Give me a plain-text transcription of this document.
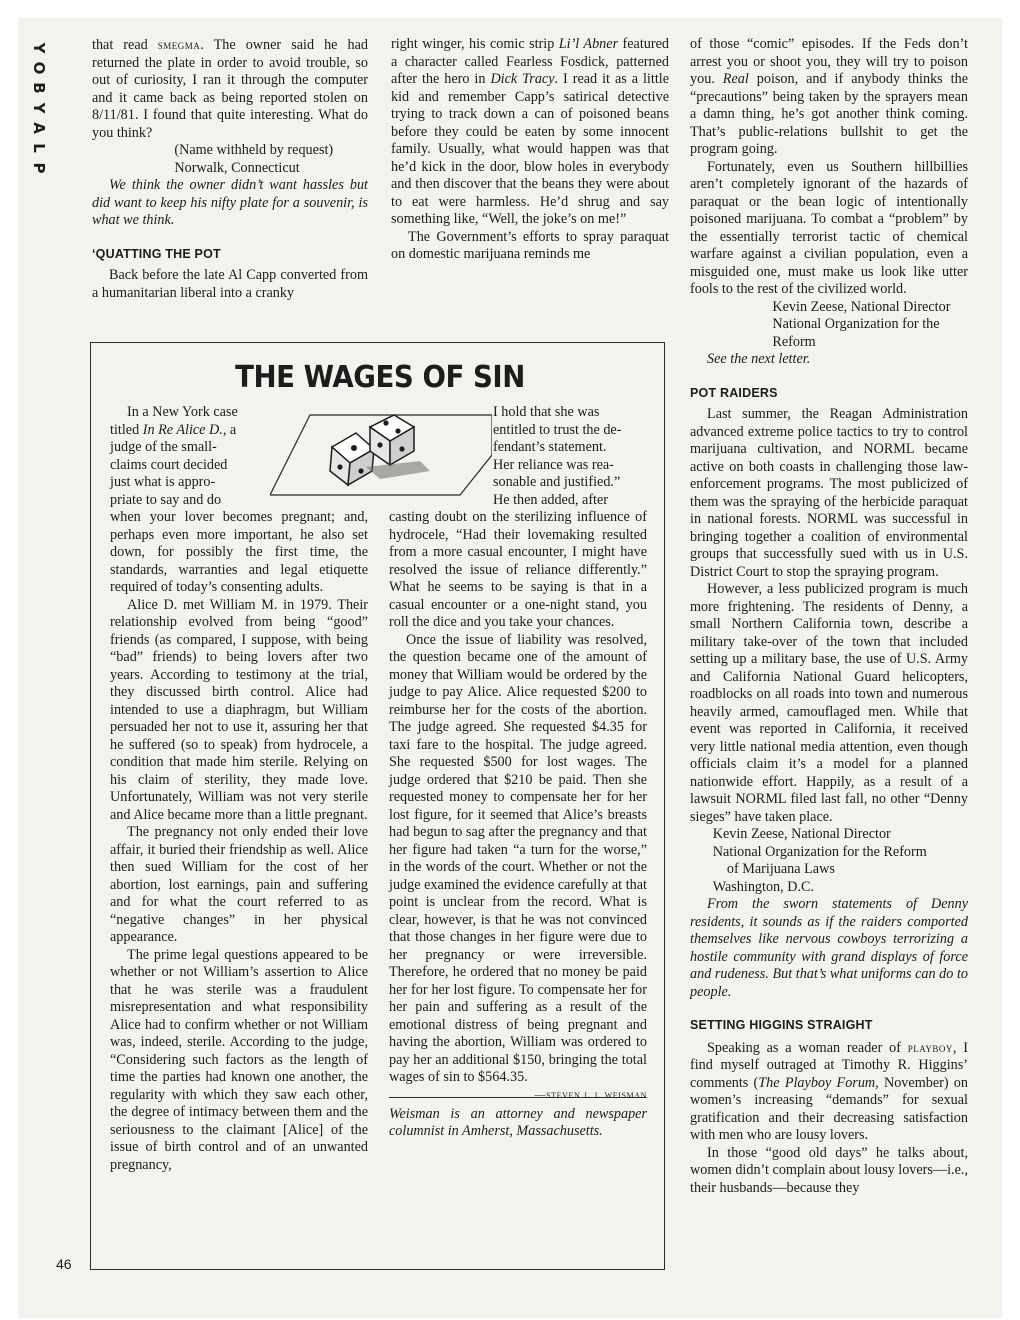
Y
O
B
Y
A
L
P
46

that read smegma. The owner said he had returned the plate in order to avoid trouble, so out of curiosity, I ran it through the computer and it came back as being reported stolen on 8/11/81. I found that quite interesting. What do you think?

(Name withheld by request)

Norwalk, Connecticut

We think the owner didn’t want hassles but did want to keep his nifty plate for a souvenir, is what we think.

‘QUATTING THE POT

Back before the late Al Capp converted from a humanitarian liberal into a cranky

right winger, his comic strip Li’l Abner featured a character called Fearless Fosdick, patterned after the hero in Dick Tracy. I read it as a little kid and remember Capp’s satirical detective trying to track down a can of poisoned beans before they could be eaten by some innocent family. Usually, what would happen was that he’d kick in the door, blow holes in everybody and then discover that the beans they were about to eat were harmless. He’d shrug and say something like, “Well, the joke’s on me!”

The Government’s efforts to spray paraquat on domestic marijuana reminds me

of those “comic” episodes. If the Feds don’t arrest you or shoot you, they will try to poison you. Real poison, and if anybody thinks the “precautions” being taken by the sprayers mean a damn thing, he’s got another think coming. That’s public-relations bullshit to get the program going.

Fortunately, even us Southern hillbillies aren’t completely ignorant of the hazards of paraquat or the bean logic of intentionally poisoned marijuana. To combat a “problem” by the essentially terrorist tactic of chemical warfare against a civilian population, even a misguided one, must make us look like utter fools to the rest of the civilized world.

Kevin Zeese, National Director

National Organization for the Reform

See the next letter.

POT RAIDERS

Last summer, the Reagan Administration advanced extreme police tactics to try to control marijuana cultivation, and NORML became active on both coasts in challenging those law-enforcement programs. The most publicized of them was the spraying of the herbicide paraquat in national forests. NORML was successful in bringing together a coalition of environmental groups that successfully sued with us in U.S. District Court to stop the spraying program.

However, a less publicized program is much more frightening. The residents of Denny, a small Northern California town, describe a military take-over of the town that included setting up a military base, the use of U.S. Army and California National Guard helicopters, roadblocks on all roads into town and numerous heavily armed, camouflaged men. While that event was reported in California, it received very little national media attention, even though officials claim it’s a model for a planned nationwide effort. Happily, as a result of a lawsuit NORML filed last fall, no other “Denny sieges” have taken place.

Kevin Zeese, National Director

National Organization for the Reform

of Marijuana Laws

Washington, D.C.

From the sworn statements of Denny residents, it sounds as if the raiders comported themselves like nervous cowboys terrorizing a hostile community with grand displays of force and rudeness. But that’s what uniforms can do to people.

SETTING HIGGINS STRAIGHT

Speaking as a woman reader of playboy, I find myself outraged at Timothy R. Higgins’ comments (The Playboy Forum, November) on women’s increasing “demands” for sexual gratification and their decreasing satisfaction with men who are lousy lovers.

In those “good old days” he talks about, women didn’t complain about lousy lovers—i.e., their husbands—because they

THE WAGES OF SIN

In a New York case

titled In Re Alice D., a

judge of the small-

claims court decided

just what is appro-

priate to say and do

when your lover becomes pregnant; and, perhaps even more important, he also set down, for possibly the first time, the standards, warranties and legal etiquette required of today’s consenting adults.

Alice D. met William M. in 1979. Their relationship evolved from being “good” friends (as compared, I suppose, with being “bad” friends) to being lovers after two years. According to testimony at the trial, they discussed birth control. Alice had intended to use a diaphragm, but William persuaded her not to use it, assuring her that he suffered (so to speak) from hydrocele, a condition that made him sterile. Relying on his claim of sterility, they made love. Unfortunately, William was not very sterile and Alice became more than a little pregnant.

The pregnancy not only ended their love affair, it buried their friendship as well. Alice then sued William for the cost of her abortion, lost earnings, pain and suffering and for what the court referred to as “negative changes” in her physical appearance.

The prime legal questions appeared to be whether or not William’s assertion to Alice that he was sterile was a fraudulent misrepresentation and what responsibility Alice had to confirm whether or not William was, indeed, sterile. According to the judge, “Considering such factors as the length of time the parties had known one another, the regularity with which they saw each other, the degree of intimacy between them and the seriousness to the claimant [Alice] of the issue of birth control and of an unwanted pregnancy,

I hold that she was

entitled to trust the de-

fendant’s statement.

Her reliance was rea-

sonable and justified.”

He then added, after

casting doubt on the sterilizing influence of hydrocele, “Had their lovemaking resulted from a more casual encounter, I might have resolved the issue of reliance differently.” What he seems to be saying is that in a casual encounter or a one-night stand, you roll the dice and you take your chances.

Once the issue of liability was resolved, the question became one of the amount of money that William would be ordered by the judge to pay Alice. Alice requested $200 to reimburse her for the costs of the abortion. The judge agreed. She requested $4.35 for taxi fare to the hospital. The judge agreed. She requested $500 for lost wages. The judge ordered that $210 be paid. Then she requested money to compensate her for her lost figure, for it seemed that Alice’s breasts had begun to sag after the pregnancy and that her figure had taken “a turn for the worse,” in the words of the court. Whether or not the judge examined the evidence carefully at that point is unclear from the record. What is clear, however, is that he was not convinced that those changes in her figure were due to her pregnancy or were irreversible. Therefore, he ordered that no money be paid her for her lost figure. To compensate her for her pain and suffering as a result of the emotional distress of being pregnant and having the abortion, William was ordered to pay her an additional $150, bringing the total wages of sin to $564.35.
—steven j. j. weisman

Weisman is an attorney and newspaper columnist in Amherst, Massachusetts.
